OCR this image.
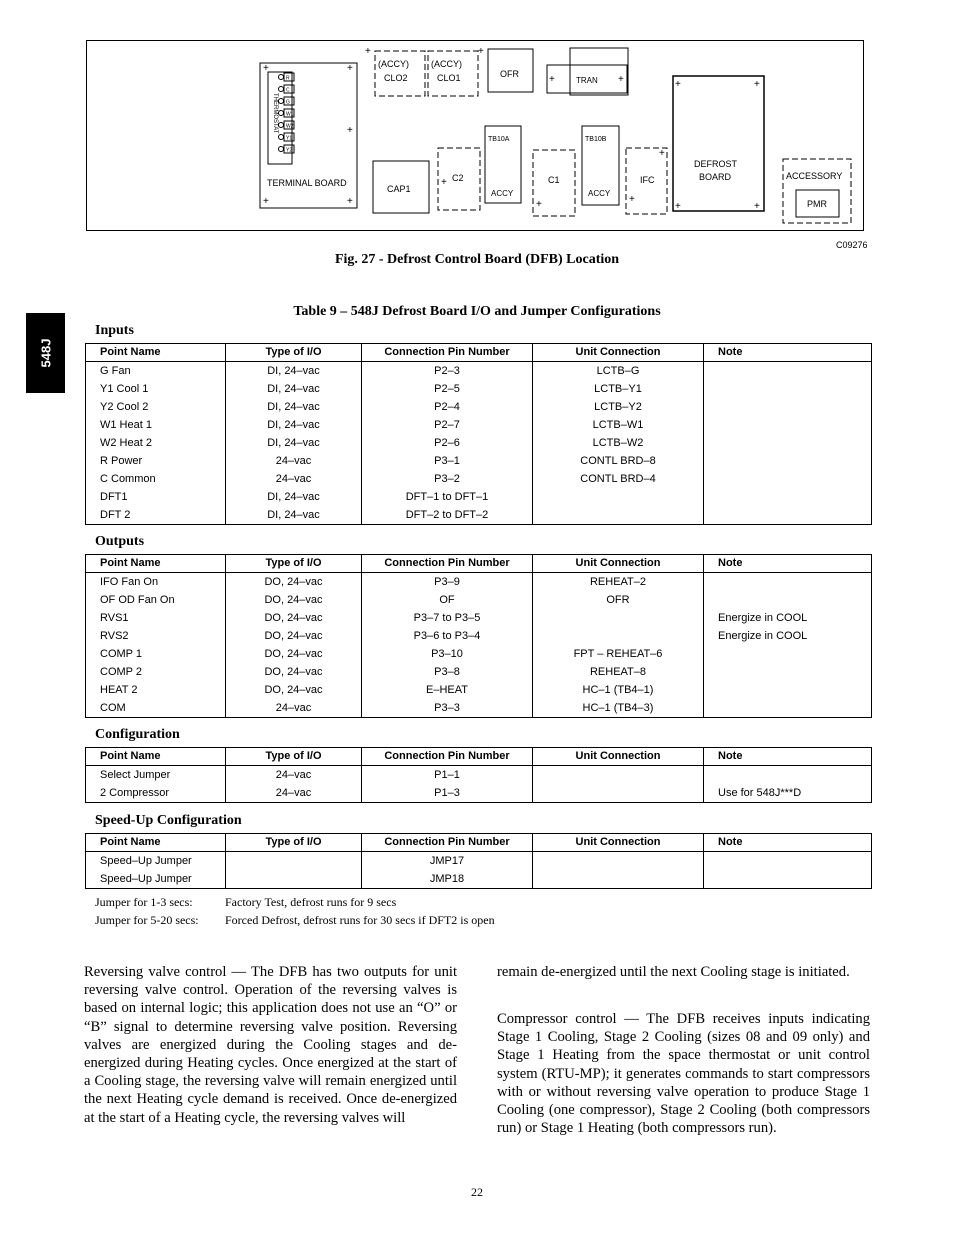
548J
TERMINAL BOARD
THERMOSTAT
R
C
G
W1
W2
Y1
Y2
(ACCY)
CLO2
(ACCY)
CLO1	OFR
TRAN
CAP1
C2
TB10A
ACCY
C1
TB10B
ACCY
IFC
DEFROST
BOARD	ACCESSORY
PMR
+	+
+	+
+
+	+
+	+
+
+	+
+
+	+
+	+
C09276
Fig. 27 - Defrost Control Board (DFB) Location
Table 9 – 548J Defrost Board I/O and Jumper Configurations
Inputs
Point Name	Type of I/O	Connection Pin Number	Unit Connection	Note
G Fan	DI, 24–vac	P2–3	LCTB–G	
Y1 Cool 1	DI, 24–vac	P2–5	LCTB–Y1	
Y2 Cool 2	DI, 24–vac	P2–4	LCTB–Y2	
W1 Heat 1	DI, 24–vac	P2–7	LCTB–W1	
W2 Heat 2	DI, 24–vac	P2–6	LCTB–W2	
R Power	24–vac	P3–1	CONTL BRD–8	
C Common	24–vac	P3–2	CONTL BRD–4	
DFT1	DI, 24–vac	DFT–1 to DFT–1		
DFT 2	DI, 24–vac	DFT–2 to DFT–2		
Outputs
Point Name	Type of I/O	Connection Pin Number	Unit Connection	Note
IFO Fan On	DO, 24–vac	P3–9	REHEAT–2	
OF OD Fan On	DO, 24–vac	OF	OFR	
RVS1	DO, 24–vac	P3–7 to P3–5		Energize in COOL
RVS2	DO, 24–vac	P3–6 to P3–4		Energize in COOL
COMP 1	DO, 24–vac	P3–10	FPT – REHEAT–6	
COMP 2	DO, 24–vac	P3–8	REHEAT–8	
HEAT 2	DO, 24–vac	E–HEAT	HC–1 (TB4–1)	
COM	24–vac	P3–3	HC–1 (TB4–3)	
Configuration
Point Name	Type of I/O	Connection Pin Number	Unit Connection	Note
Select Jumper	24–vac	P1–1		
2 Compressor	24–vac	P1–3		Use for 548J***D
Speed-Up Configuration
Point Name	Type of I/O	Connection Pin Number	Unit Connection	Note
Speed–Up Jumper		JMP17		
Speed–Up Jumper		JMP18		
Jumper for 1-3 secs:	Factory Test, defrost runs for 9 secs
Jumper for 5-20 secs: Forced Defrost, defrost runs for 30 secs if DFT2 is open
Reversing valve control — The DFB has two outputs for unit reversing valve control. Operation of the reversing valves is based on internal logic; this application does not use an “O” or “B” signal to determine reversing valve position. Reversing valves are energized during the Cooling stages and de-energized during Heating cycles. Once energized at the start of a Cooling stage, the reversing valve will remain energized until the next Heating cycle demand is received. Once de-energized at the start of a Heating cycle, the reversing valves will
remain de-energized until the next Cooling stage is initiated.
Compressor control — The DFB receives inputs indicating Stage 1 Cooling, Stage 2 Cooling (sizes 08 and 09 only) and Stage 1 Heating from the space thermostat or unit control system (RTU-MP); it generates commands to start compressors with or without reversing valve operation to produce Stage 1 Cooling (one compressor), Stage 2 Cooling (both compressors run) or Stage 1 Heating (both compressors run).
22
